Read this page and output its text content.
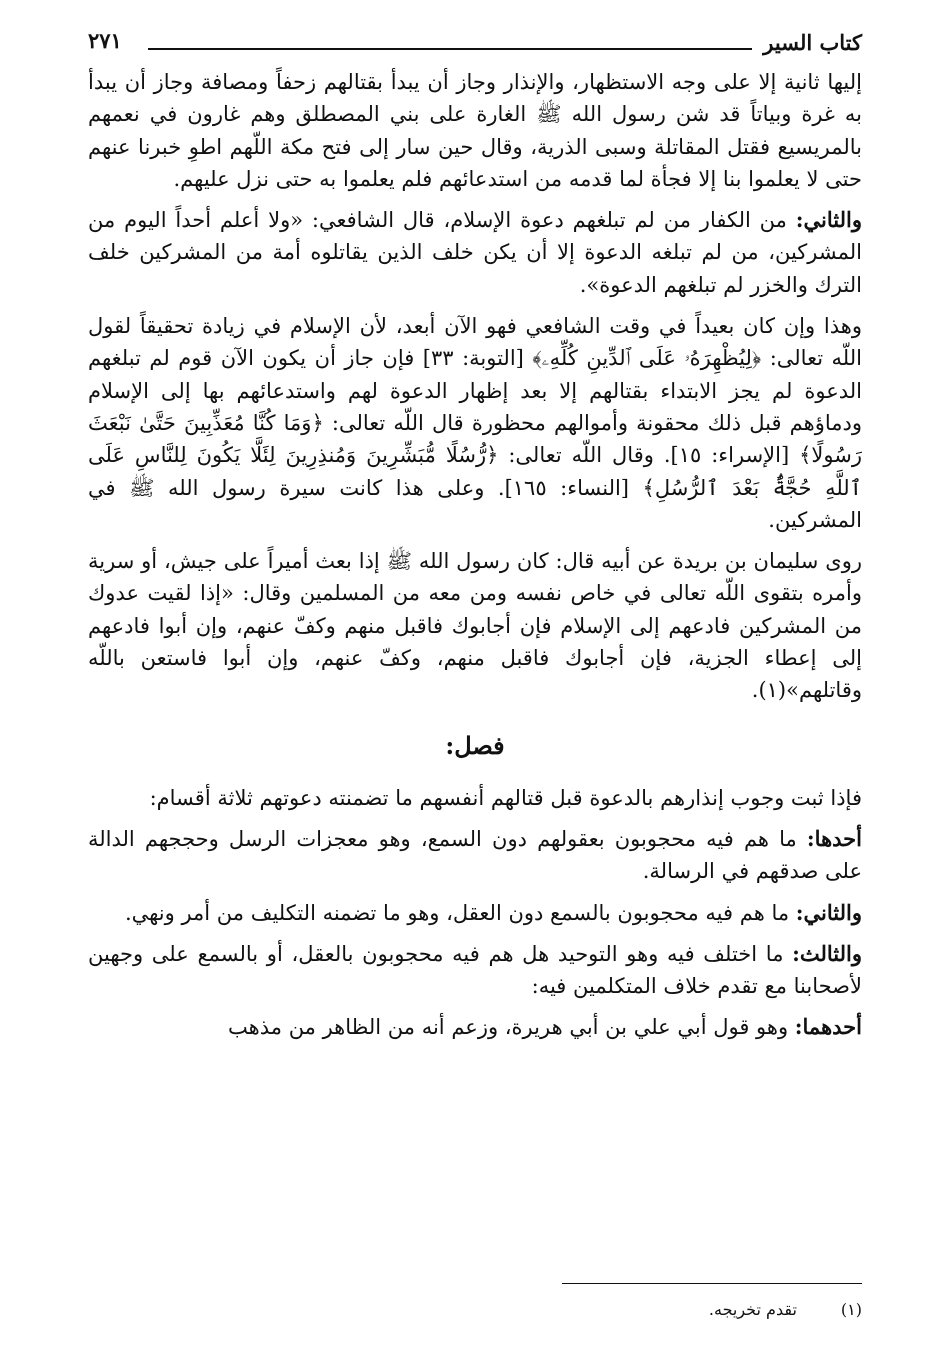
كتاب السير
٢٧١

إليها ثانية إلا على وجه الاستظهار، والإنذار وجاز أن يبدأ بقتالهم زحفاً ومصافة وجاز أن يبدأ به غرة وبياتاً قد شن رسول الله ﷺ الغارة على بني المصطلق وهم غارون في نعمهم بالمريسيع فقتل المقاتلة وسبى الذرية، وقال حين سار إلى فتح مكة اللّهم اطوِ خبرنا عنهم حتى لا يعلموا بنا إلا فجأة لما قدمه من استدعائهم فلم يعلموا به حتى نزل عليهم.

والثاني: من الكفار من لم تبلغهم دعوة الإسلام، قال الشافعي: «ولا أعلم أحداً اليوم من المشركين، من لم تبلغه الدعوة إلا أن يكن خلف الذين يقاتلوه أمة من المشركين خلف الترك والخزر لم تبلغهم الدعوة».

وهذا وإن كان بعيداً في وقت الشافعي فهو الآن أبعد، لأن الإسلام في زيادة تحقيقاً لقول اللّه تعالى: ﴿لِيُظْهِرَهُۥ عَلَى ٱلدِّينِ كُلِّهِۦ﴾ [التوبة: ٣٣] فإن جاز أن يكون الآن قوم لم تبلغهم الدعوة لم يجز الابتداء بقتالهم إلا بعد إظهار الدعوة لهم واستدعائهم بها إلى الإسلام ودماؤهم قبل ذلك محقونة وأموالهم محظورة قال اللّه تعالى: ﴿وَمَا كُنَّا مُعَذِّبِينَ حَتَّىٰ نَبْعَثَ رَسُولًا﴾ [الإسراء: ١٥]. وقال اللّه تعالى: ﴿رُّسُلًا مُّبَشِّرِينَ وَمُنذِرِينَ لِئَلَّا يَكُونَ لِلنَّاسِ عَلَى ٱللَّهِ حُجَّةٌۢ بَعْدَ ٱلرُّسُلِ﴾ [النساء: ١٦٥]. وعلى هذا كانت سيرة رسول الله ﷺ في المشركين.

روى سليمان بن بريدة عن أبيه قال: كان رسول الله ﷺ إذا بعث أميراً على جيش، أو سرية وأمره بتقوى اللّه تعالى في خاص نفسه ومن معه من المسلمين وقال: «إذا لقيت عدوك من المشركين فادعهم إلى الإسلام فإن أجابوك فاقبل منهم وكفّ عنهم، وإن أبوا فادعهم إلى إعطاء الجزية، فإن أجابوك فاقبل منهم، وكفّ عنهم، وإن أبوا فاستعن باللّه وقاتلهم»(١).

فصل:

فإذا ثبت وجوب إنذارهم بالدعوة قبل قتالهم أنفسهم ما تضمنته دعوتهم ثلاثة أقسام:

أحدها: ما هم فيه محجوبون بعقولهم دون السمع، وهو معجزات الرسل وحججهم الدالة على صدقهم في الرسالة.

والثاني: ما هم فيه محجوبون بالسمع دون العقل، وهو ما تضمنه التكليف من أمر ونهي.

والثالث: ما اختلف فيه وهو التوحيد هل هم فيه محجوبون بالعقل، أو بالسمع على وجهين لأصحابنا مع تقدم خلاف المتكلمين فيه:

أحدهما: وهو قول أبي علي بن أبي هريرة، وزعم أنه من الظاهر من مذهب

(١) تقدم تخريجه.
